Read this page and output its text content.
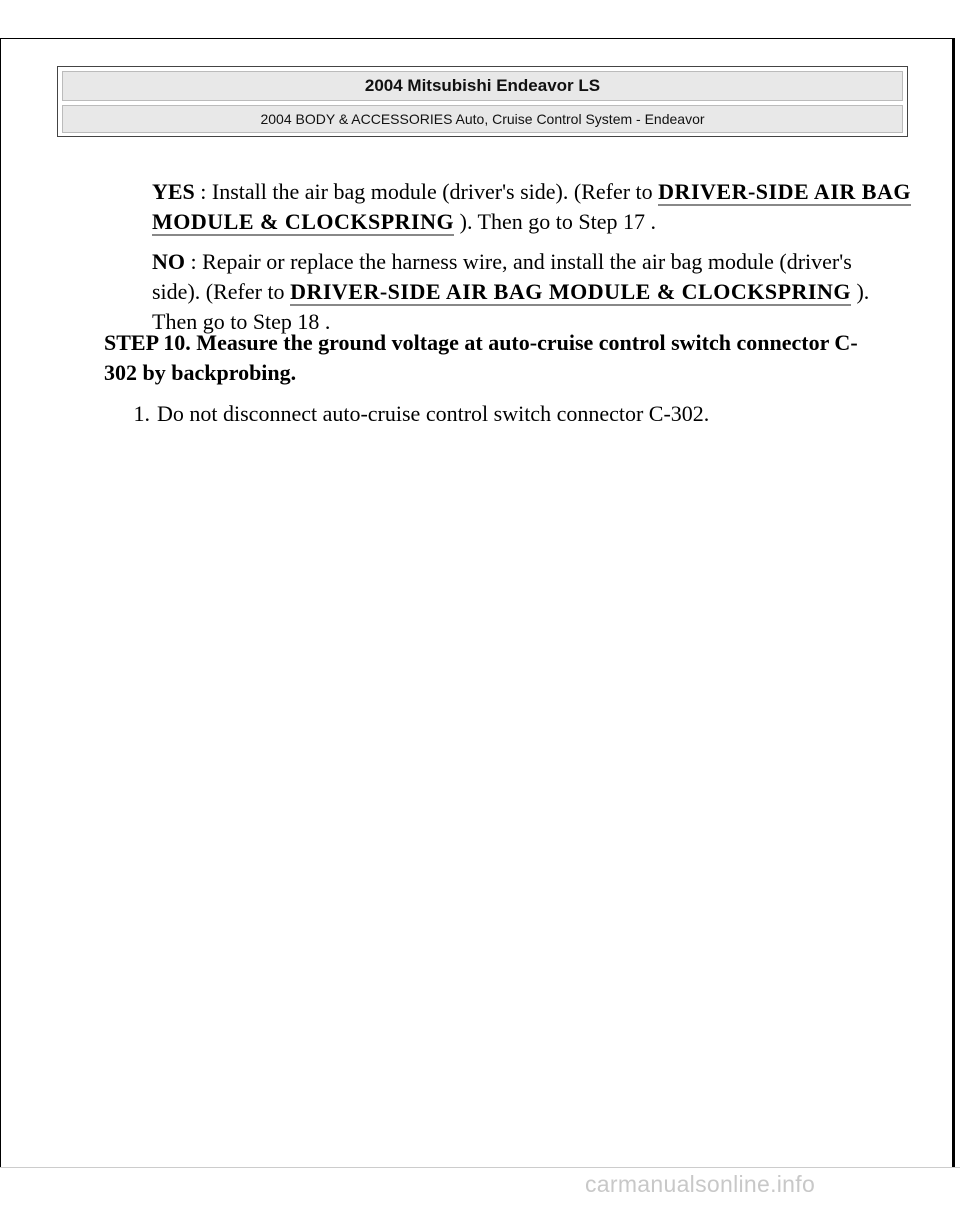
2004 Mitsubishi Endeavor LS
2004 BODY & ACCESSORIES Auto, Cruise Control System - Endeavor

YES : Install the air bag module (driver's side). (Refer to DRIVER-SIDE AIR BAG MODULE & CLOCKSPRING ). Then go to Step 17 .

NO : Repair or replace the harness wire, and install the air bag module (driver's side). (Refer to DRIVER-SIDE AIR BAG MODULE & CLOCKSPRING ). Then go to Step 18 .

STEP 10. Measure the ground voltage at auto-cruise control switch connector C-302 by backprobing.

1. Do not disconnect auto-cruise control switch connector C-302.
carmanualsonline.info
